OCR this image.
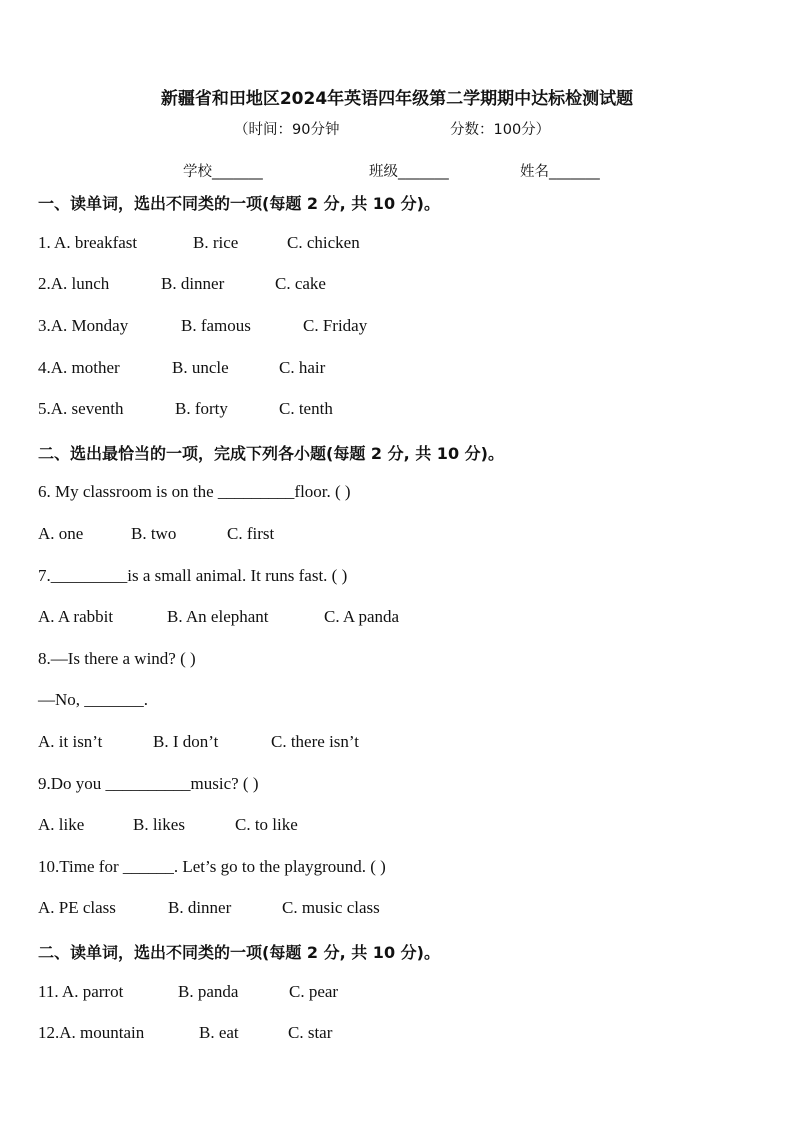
新疆省和田地区2024年英语四年级第二学期期中达标检测试题
（时间：90分钟	分数：100分）
学校_______	班级_______	姓名_______
一、读单词，选出不同类的一项(每题 2 分, 共 10 分)。
1. A. breakfast	B. rice	C. chicken
2.A. lunch	B. dinner	C. cake
3.A. Monday	B. famous	C. Friday
4.A. mother	B. uncle	C. hair
5.A. seventh	B. forty	C. tenth
二、选出最恰当的一项，完成下列各小题(每题 2 分, 共 10 分)。
6. My classroom is on the _________floor. ( )
A. one	B. two	C. first
7._________is a small animal. It runs fast. ( )
A. A rabbit	B. An elephant	C. A panda
8.—Is there a wind? ( )
—No, _______.
A. it isn’t	B. I don’t	C. there isn’t
9.Do you __________music? ( )
A. like	B. likes	C. to like
10.Time for ______. Let’s go to the playground. ( )
A. PE class	B. dinner	C. music class
二、读单词，选出不同类的一项(每题 2 分, 共 10 分)。
11. A. parrot	B. panda	C. pear
12.A. mountain	B. eat	C. star
